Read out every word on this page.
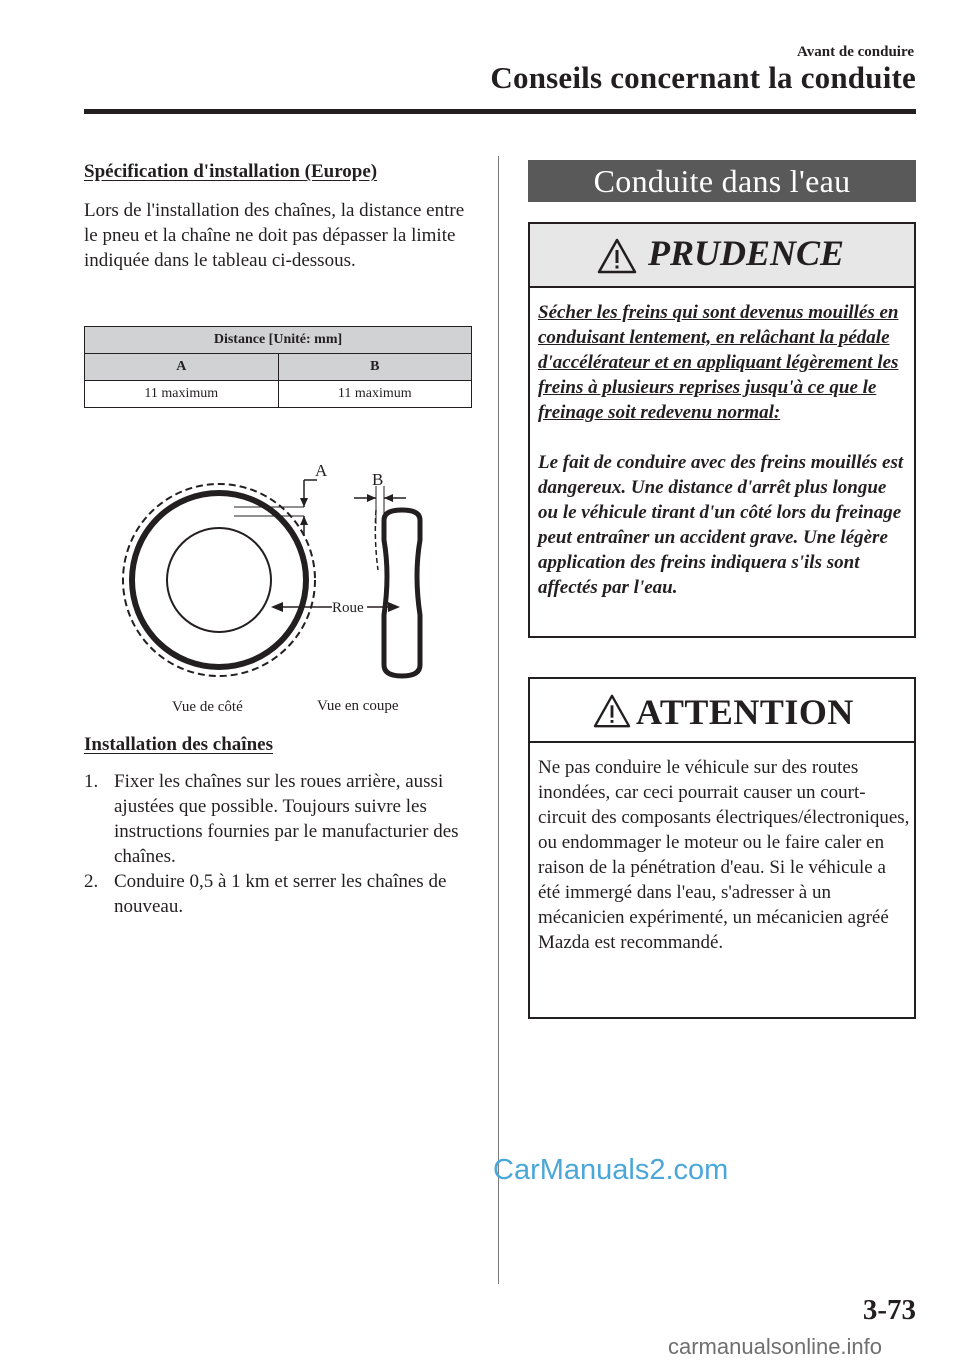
Avant de conduire
Conseils concernant la conduite
Spécification d'installation (Europe)
Lors de l'installation des chaînes, la distance entre le pneu et la chaîne ne doit pas dépasser la limite indiquée dans le tableau ci-dessous.
Distance [Unité: mm]	
A	B
11 maximum	11 maximum
A	B
Roue
Vue de côté	Vue en coupe
Installation des chaînes
1. Fixer les chaînes sur les roues arrière, aussi ajustées que possible. Toujours suivre les instructions fournies par le manufacturier des chaînes.
2. Conduire 0,5 à 1 km et serrer les chaînes de nouveau.
Conduite dans l'eau
PRUDENCE
Sécher les freins qui sont devenus mouillés en conduisant lentement, en relâchant la pédale d'accélérateur et en appliquant légèrement les freins à plusieurs reprises jusqu'à ce que le freinage soit redevenu normal:
Le fait de conduire avec des freins mouillés est dangereux. Une distance d'arrêt plus longue ou le véhicule tirant d'un côté lors du freinage peut entraîner un accident grave. Une légère application des freins indiquera s'ils sont affectés par l'eau.
ATTENTION
Ne pas conduire le véhicule sur des routes inondées, car ceci pourrait causer un court-circuit des composants électriques/électroniques, ou endommager le moteur ou le faire caler en raison de la pénétration d'eau. Si le véhicule a été immergé dans l'eau, s'adresser à un mécanicien expérimenté, un mécanicien agréé Mazda est recommandé.
CarManuals2.com
3-73
carmanualsonline.info
